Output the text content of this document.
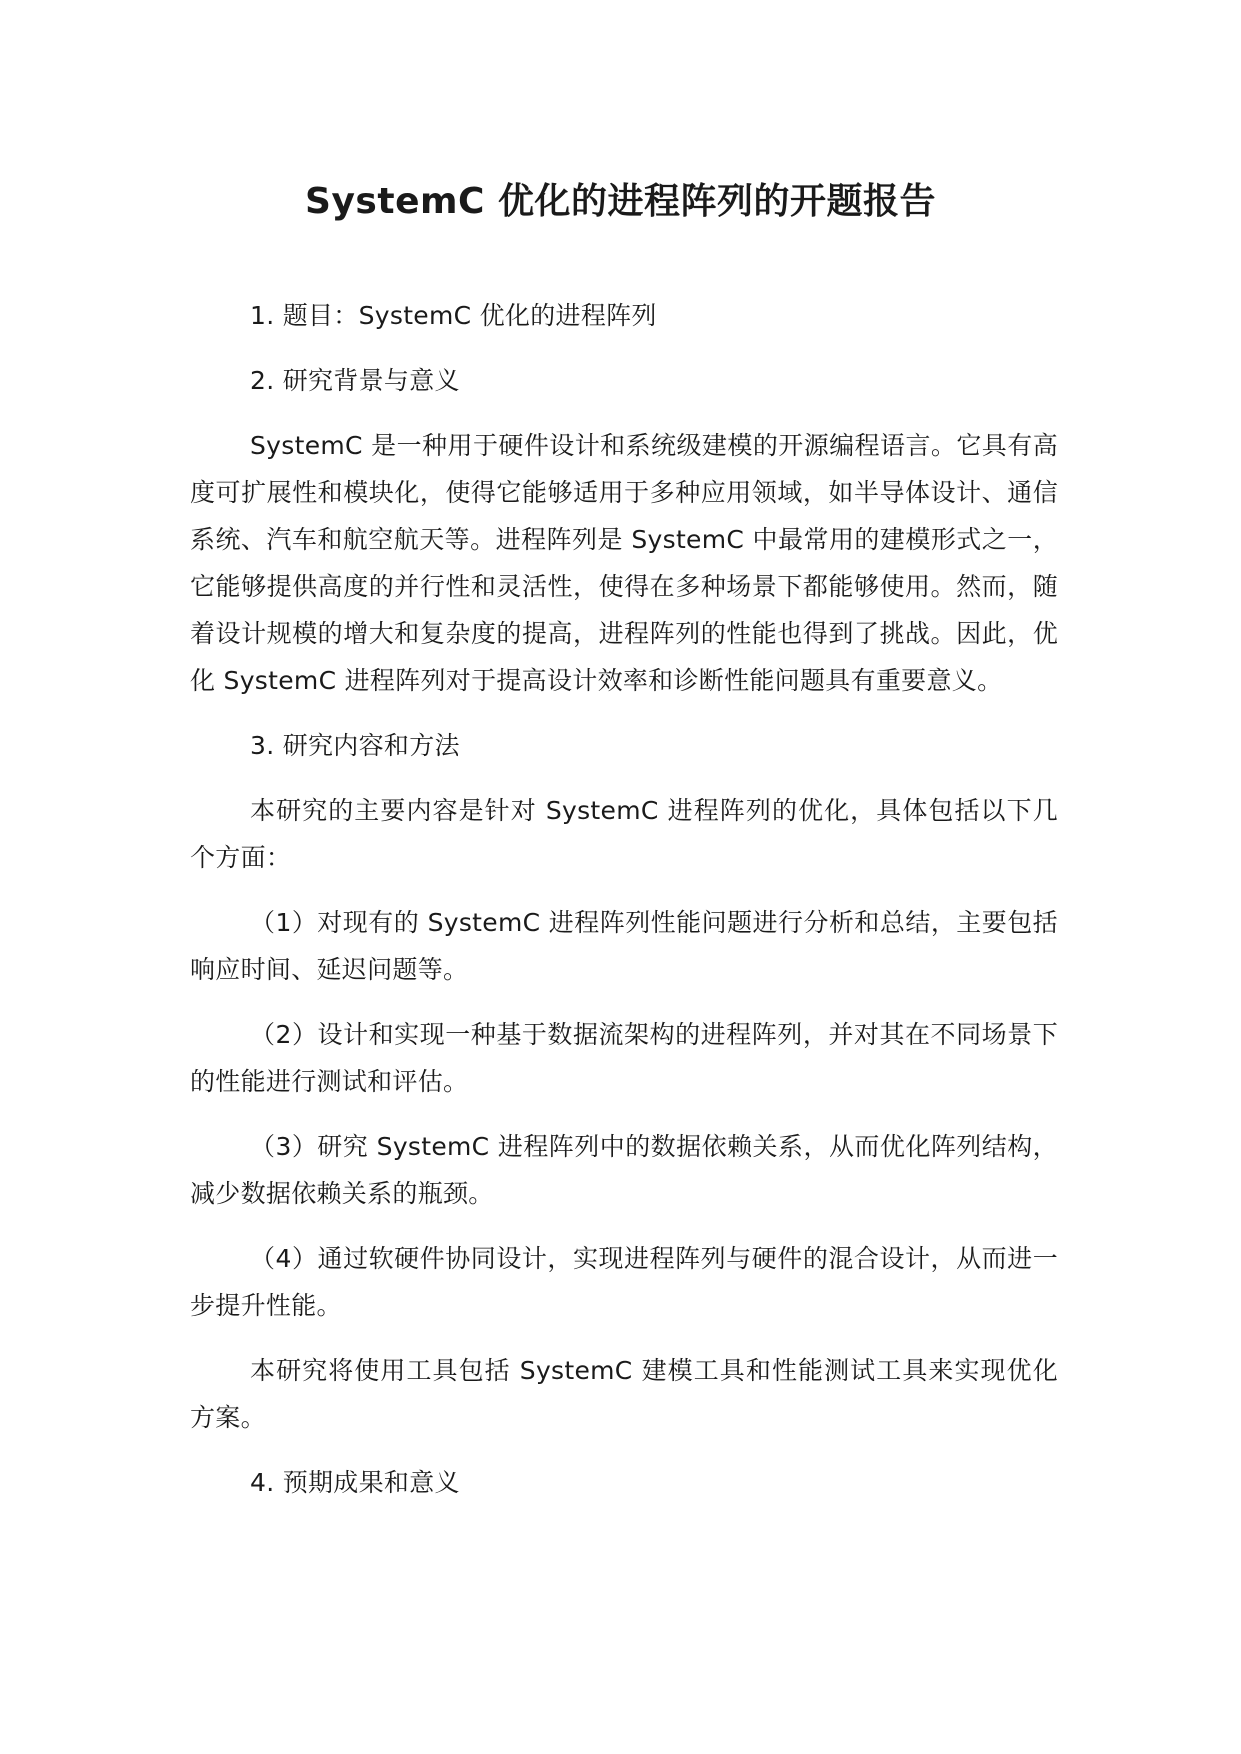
SystemC 优化的进程阵列的开题报告

1. 题目：SystemC 优化的进程阵列

2. 研究背景与意义

SystemC 是一种用于硬件设计和系统级建模的开源编程语言。它具有高度可扩展性和模块化，使得它能够适用于多种应用领域，如半导体设计、通信系统、汽车和航空航天等。进程阵列是 SystemC 中最常用的建模形式之一，它能够提供高度的并行性和灵活性，使得在多种场景下都能够使用。然而，随着设计规模的增大和复杂度的提高，进程阵列的性能也得到了挑战。因此，优化 SystemC 进程阵列对于提高设计效率和诊断性能问题具有重要意义。

3. 研究内容和方法

本研究的主要内容是针对 SystemC 进程阵列的优化，具体包括以下几个方面：

（1）对现有的 SystemC 进程阵列性能问题进行分析和总结，主要包括响应时间、延迟问题等。

（2）设计和实现一种基于数据流架构的进程阵列，并对其在不同场景下的性能进行测试和评估。

（3）研究 SystemC 进程阵列中的数据依赖关系，从而优化阵列结构，减少数据依赖关系的瓶颈。

（4）通过软硬件协同设计，实现进程阵列与硬件的混合设计，从而进一步提升性能。

本研究将使用工具包括 SystemC 建模工具和性能测试工具来实现优化方案。

4. 预期成果和意义
